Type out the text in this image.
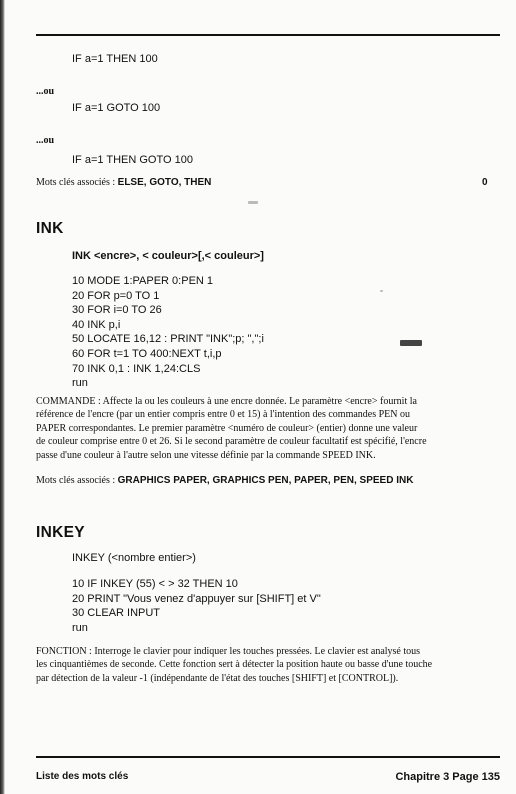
IF a=1 THEN 100
...ou
IF a=1 GOTO 100
...ou
IF a=1 THEN GOTO 100
Mots clés associés : ELSE, GOTO, THEN	0
INK
INK <encre>, < couleur>[,< couleur>]
10 MODE 1:PAPER 0:PEN 1
20 FOR p=0 TO 1
30 FOR i=0 TO 26
40 INK p,i
50 LOCATE 16,12 : PRINT "INK";p; ",";i
60 FOR t=1 TO 400:NEXT t,i,p
70 INK 0,1 : INK 1,24:CLS
run
COMMANDE : Affecte la ou les couleurs à une encre donnée. Le paramètre <encre> fournit la
référence de l'encre (par un entier compris entre 0 et 15) à l'intention des commandes PEN ou
PAPER correspondantes. Le premier paramètre <numéro de couleur> (entier) donne une valeur
de couleur comprise entre 0 et 26. Si le second paramètre de couleur facultatif est spécifié, l'encre
passe d'une couleur à l'autre selon une vitesse définie par la commande SPEED INK.
Mots clés associés : GRAPHICS PAPER, GRAPHICS PEN, PAPER, PEN, SPEED INK
INKEY
INKEY (<nombre entier>)
10 IF INKEY (55) < > 32 THEN 10
20 PRINT "Vous venez d'appuyer sur [SHIFT] et V"
30 CLEAR INPUT
run
FONCTION : Interroge le clavier pour indiquer les touches pressées. Le clavier est analysé tous
les cinquantièmes de seconde. Cette fonction sert à détecter la position haute ou basse d'une touche
par détection de la valeur -1 (indépendante de l'état des touches [SHIFT] et [CONTROL]).
Liste des mots clés	Chapitre 3 Page 135
